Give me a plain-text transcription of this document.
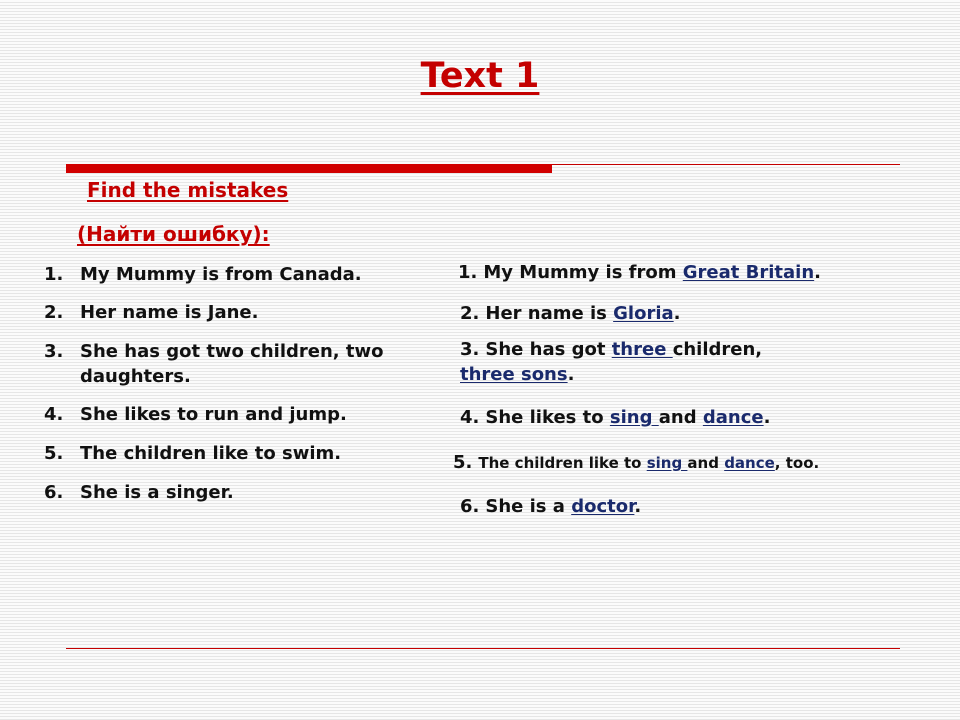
Text 1
Find the mistakes
(Найти ошибку):
1. My Mummy is from Canada.
2. Her name is Jane.
3. She has got two children, two
daughters.
4. She likes to run and jump.
5. The children like to swim.
6. She is a singer.
1. My Mummy is from Great Britain.
2. Her name is Gloria.
3. She has got three children,
three sons.
4. She likes to sing and dance.
5. The children like to sing and dance, too.
6. She is a doctor.
